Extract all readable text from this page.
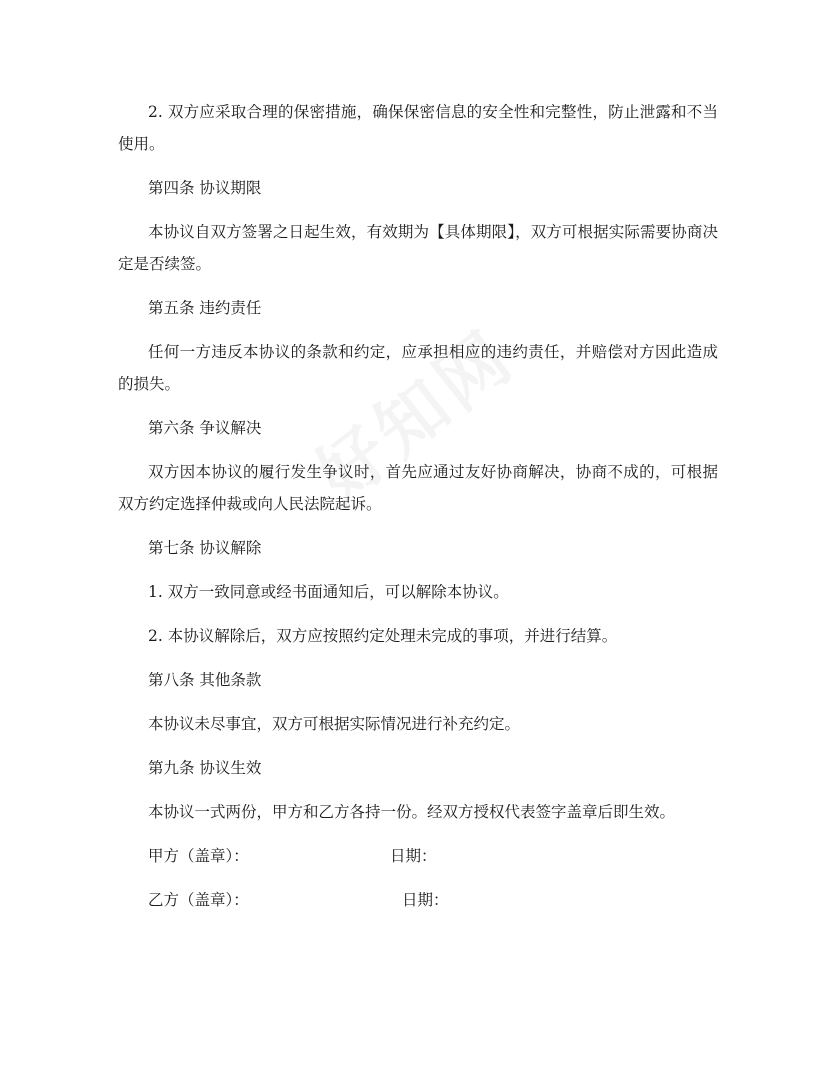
2. 双方应采取合理的保密措施，确保保密信息的安全性和完整性，防止泄露和不当使用。

第四条 协议期限

本协议自双方签署之日起生效，有效期为【具体期限】，双方可根据实际需要协商决定是否续签。

第五条 违约责任

任何一方违反本协议的条款和约定，应承担相应的违约责任，并赔偿对方因此造成的损失。

第六条 争议解决

双方因本协议的履行发生争议时，首先应通过友好协商解决，协商不成的，可根据双方约定选择仲裁或向人民法院起诉。

第七条 协议解除

1. 双方一致同意或经书面通知后，可以解除本协议。

2. 本协议解除后，双方应按照约定处理未完成的事项，并进行结算。

第八条 其他条款

本协议未尽事宜，双方可根据实际情况进行补充约定。

第九条 协议生效

本协议一式两份，甲方和乙方各持一份。经双方授权代表签字盖章后即生效。

甲方（盖章）：	日期：
乙方（盖章）：	日期：
